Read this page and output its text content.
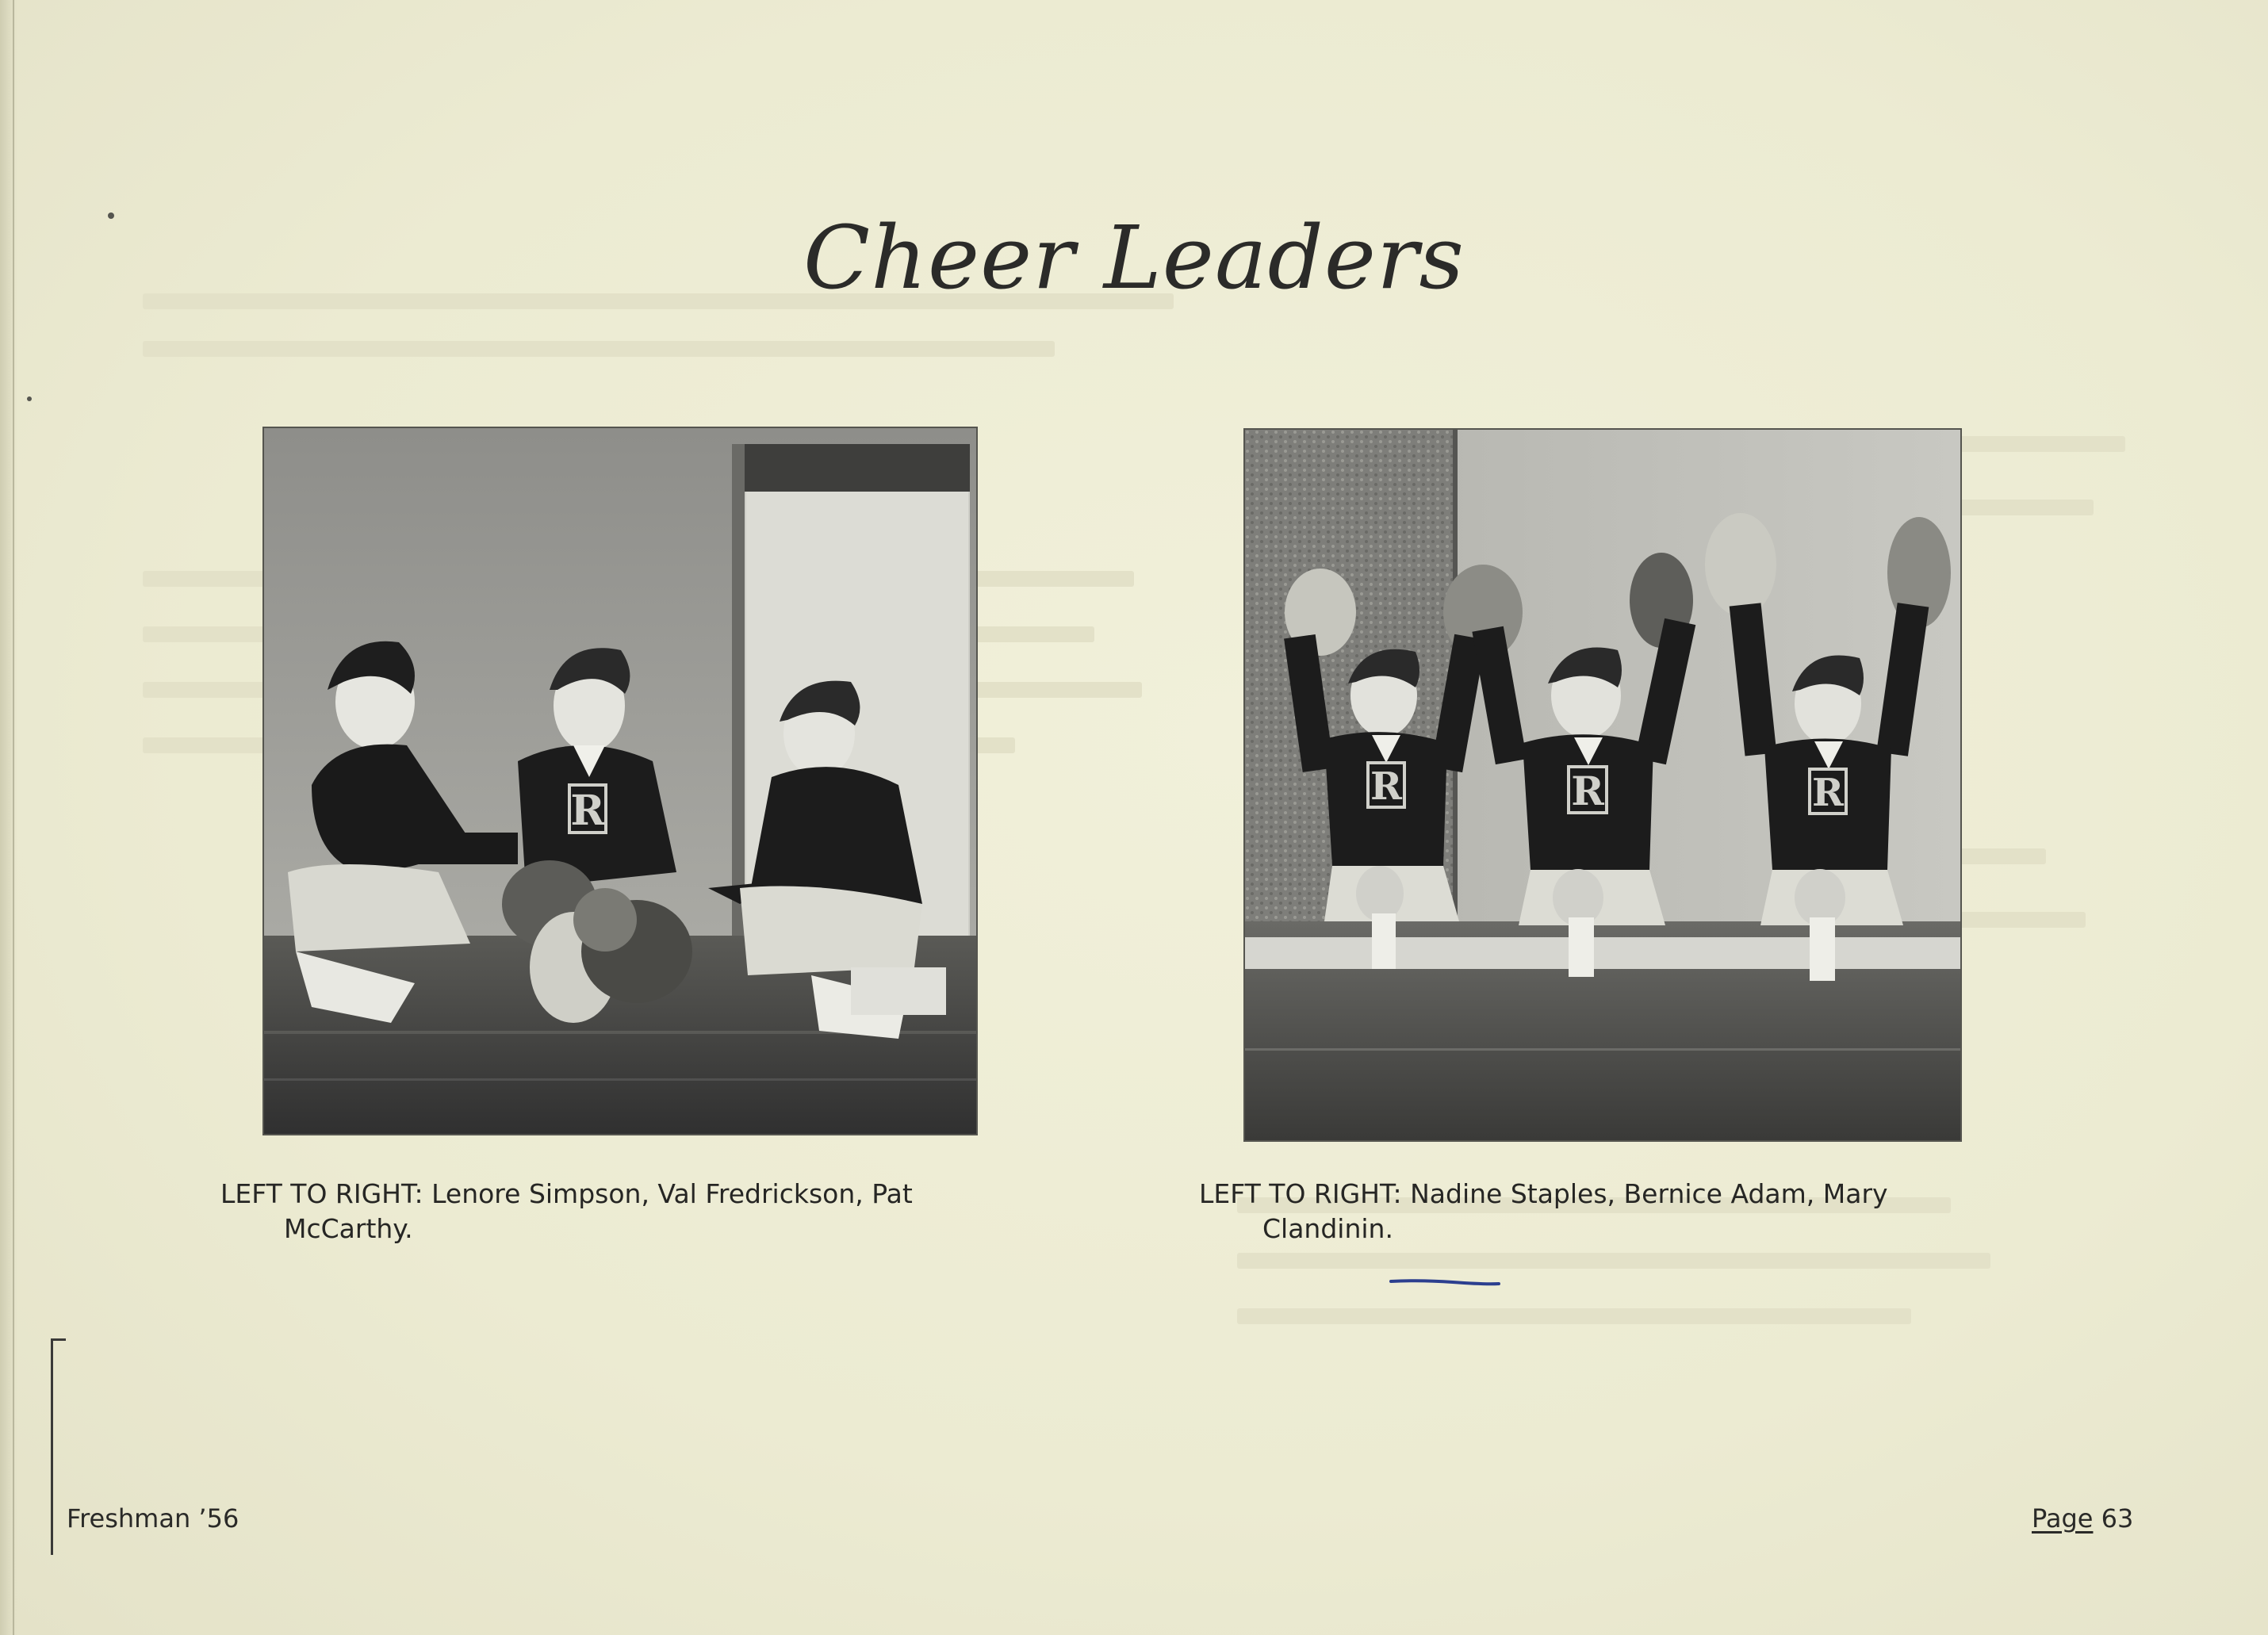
Cheer Leaders
R	R	R	R
LEFT TO RIGHT: Lenore Simpson, Val Fredrickson, Pat
McCarthy.
LEFT TO RIGHT: Nadine Staples, Bernice Adam, Mary
Clandinin.
Freshman ’56	Page 63
